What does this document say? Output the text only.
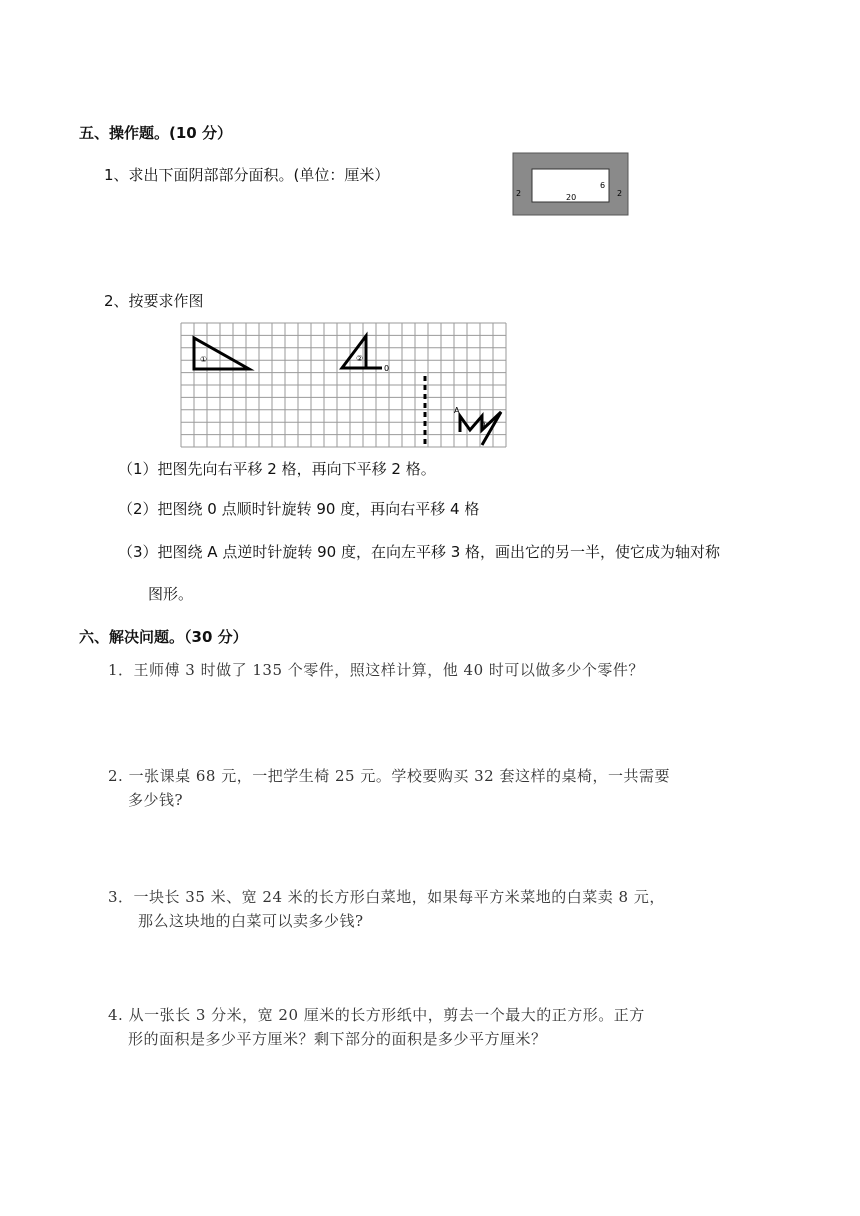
五、操作题。(10 分）
1、求出下面阴部部分面积。(单位：厘米）
2	2
20
6
2、按要求作图
①	②
0
③
A
（1）把图先向右平移 2 格，再向下平移 2 格。
（2）把图绕 0 点顺时针旋转 90 度，再向右平移 4 格
（3）把图绕 A 点逆时针旋转 90 度，在向左平移 3 格，画出它的另一半，使它成为轴对称
图形。
六、解决问题。（30 分）
1．王师傅 3 时做了 135 个零件，照这样计算，他 40 时可以做多少个零件？
2. 一张课桌 68 元，一把学生椅 25 元。学校要购买 32 套这样的桌椅，一共需要
多少钱?
3．一块长 35 米、宽 24 米的长方形白菜地，如果每平方米菜地的白菜卖 8 元，
那么这块地的白菜可以卖多少钱?
4. 从一张长 3 分米，宽 20 厘米的长方形纸中，剪去一个最大的正方形。正方
形的面积是多少平方厘米？剩下部分的面积是多少平方厘米？
